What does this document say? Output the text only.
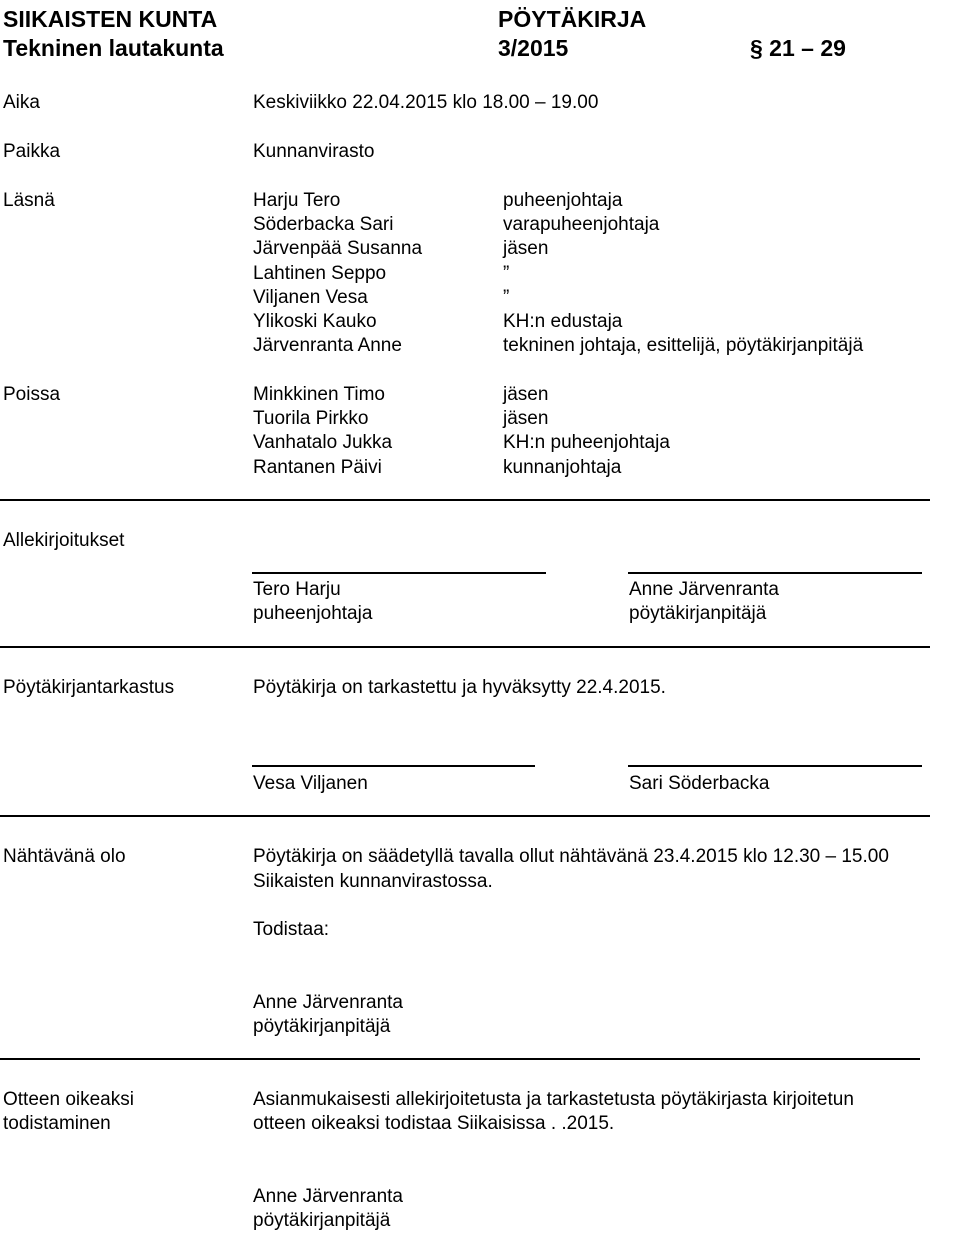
SIIKAISTEN KUNTA	PÖYTÄKIRJA
Tekninen lautakunta	3/2015	§ 21 – 29
Aika	Keskiviikko 22.04.2015 klo 18.00 – 19.00
Paikka	Kunnanvirasto
Läsnä	Harju Tero	puheenjohtaja
Söderbacka Sari	varapuheenjohtaja
Järvenpää Susanna	jäsen
Lahtinen Seppo	”
Viljanen Vesa	”
Ylikoski Kauko	KH:n edustaja
Järvenranta Anne	tekninen johtaja, esittelijä, pöytäkirjanpitäjä
Poissa	Minkkinen Timo	jäsen
Tuorila Pirkko	jäsen
Vanhatalo Jukka	KH:n puheenjohtaja
Rantanen Päivi	kunnanjohtaja
Allekirjoitukset
Tero Harju
puheenjohtaja
Anne Järvenranta
pöytäkirjanpitäjä
Pöytäkirjantarkastus	Pöytäkirja on tarkastettu ja hyväksytty 22.4.2015.
Vesa Viljanen	Sari Söderbacka
Nähtävänä olo	Pöytäkirja on säädetyllä tavalla ollut nähtävänä 23.4.2015 klo 12.30 – 15.00
Siikaisten kunnanvirastossa.
Todistaa:
Anne Järvenranta
pöytäkirjanpitäjä
Otteen oikeaksi
todistaminen
Asianmukaisesti allekirjoitetusta ja tarkastetusta pöytäkirjasta kirjoitetun
otteen oikeaksi todistaa Siikaisissa . .2015.
Anne Järvenranta
pöytäkirjanpitäjä
